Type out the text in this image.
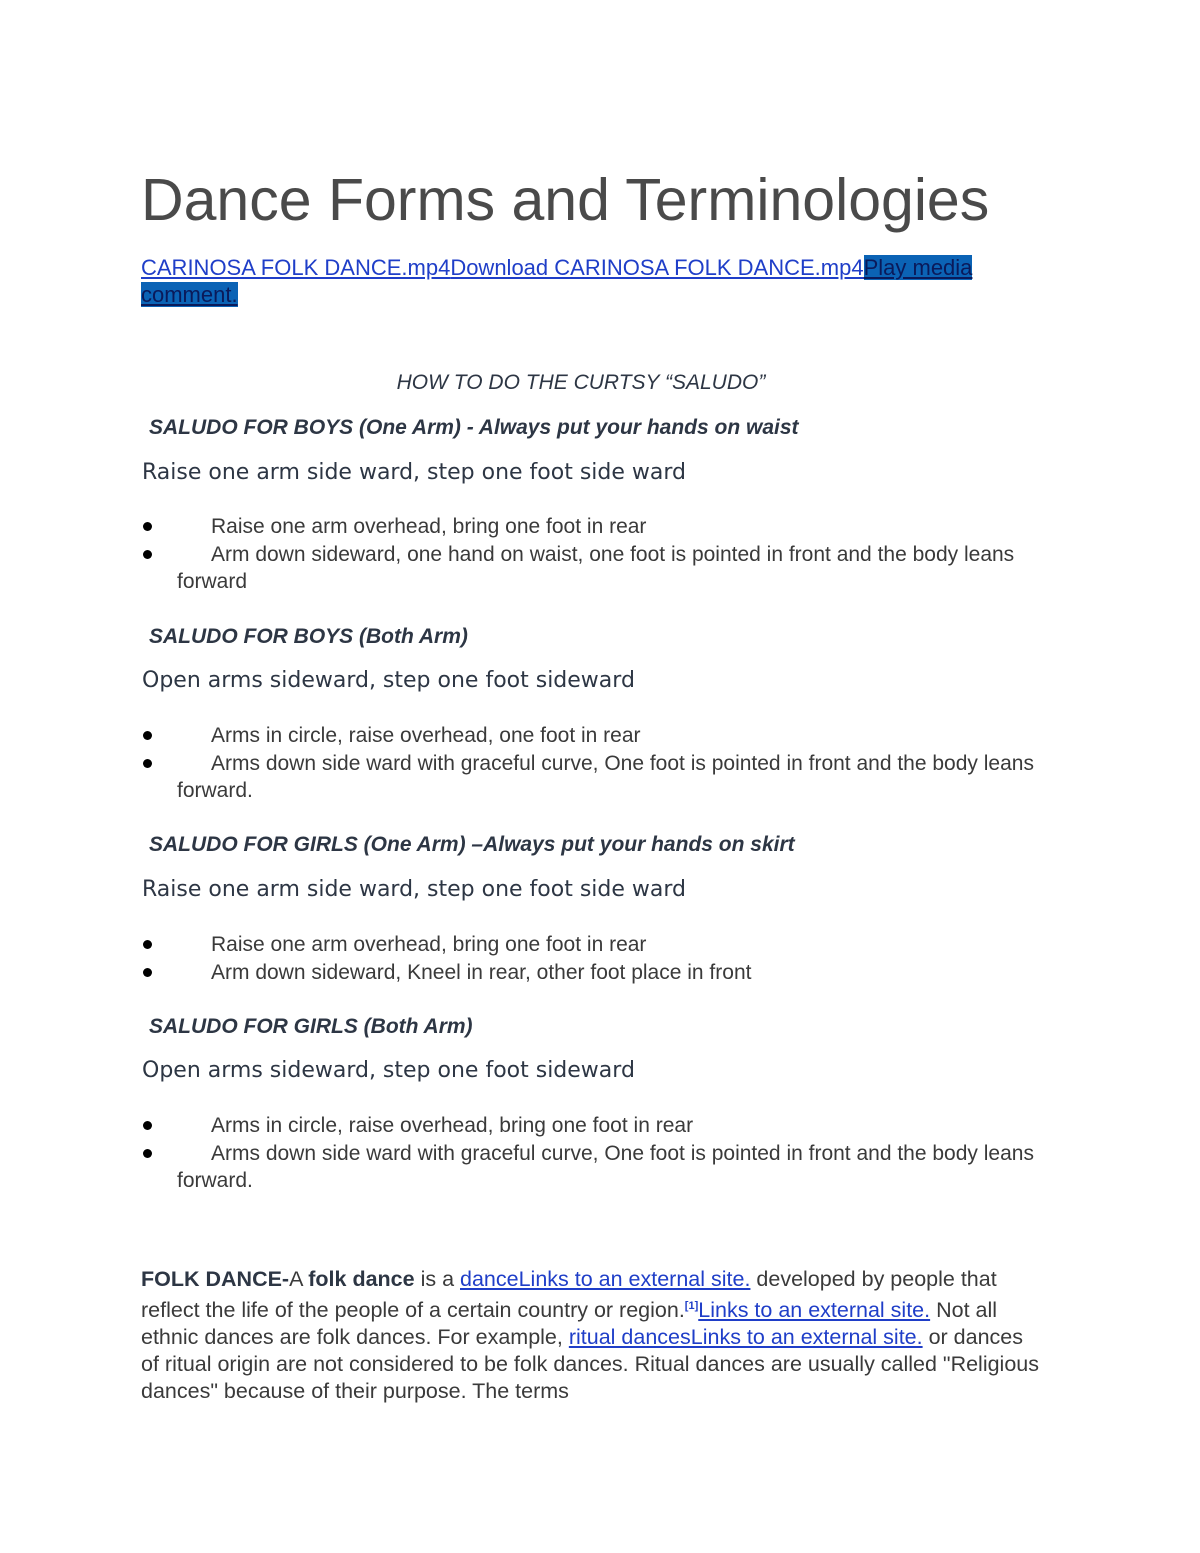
Dance Forms and Terminologies
CARINOSA FOLK DANCE.mp4Download CARINOSA FOLK DANCE.mp4Play media comment.

HOW TO DO THE CURTSY “SALUDO”

SALUDO FOR BOYS (One Arm) - Always put your hands on waist

Raise one arm side ward, step one foot side ward

Raise one arm overhead, bring one foot in rear
Arm down sideward, one hand on waist, one foot is pointed in front and the body leans forward

SALUDO FOR BOYS (Both Arm)

Open arms sideward, step one foot sideward

Arms in circle, raise overhead, one foot in rear
Arms down side ward with graceful curve, One foot is pointed in front and the body leans forward.

SALUDO FOR GIRLS (One Arm) –Always put your hands on skirt

Raise one arm side ward, step one foot side ward

Raise one arm overhead, bring one foot in rear
Arm down sideward, Kneel in rear, other foot place in front

SALUDO FOR GIRLS (Both Arm)

Open arms sideward, step one foot sideward

Arms in circle, raise overhead, bring one foot in rear
Arms down side ward with graceful curve, One foot is pointed in front and the body leans forward.

FOLK DANCE-A folk dance is a danceLinks to an external site. developed by people that reflect the life of the people of a certain country or region.[1]Links to an external site. Not all ethnic dances are folk dances. For example, ritual dancesLinks to an external site. or dances of ritual origin are not considered to be folk dances. Ritual dances are usually called "Religious dances" because of their purpose. The terms
